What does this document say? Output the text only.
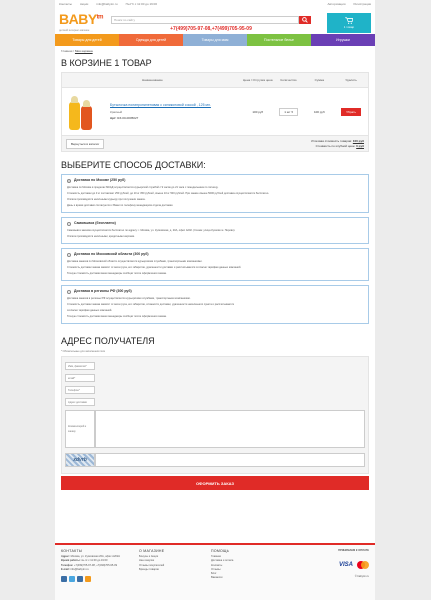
Контакты	Акции	info@babytm.ru	Пн-Пт с 11:00 до 19:00	Авторизация	Регистрация
$BABY^{tm}$
детский интернет-магазин
Поиск по сайту
+7(499)705-97-08,+7(499)705-95-09	1 товар
Товары для детей	Одежда для детей	Товары для мам	Постельное белье	Игрушки
Главная / Моя корзина
В КОРЗИНЕ 1 ТОВАР
Наименование	Цена / Отгрузка цена	Количество	Сумма	Удалить
Бутылочка полипропиленовая с силиконовой соской , 125 мл.
Красный
Арт: RZ-00-0005027
100 руб	1 шт ▾	100 руб	Убрать
Вернуться в каталог
Итоговая стоимость товаров: 100 руб
Стоимость по клубной цене: 0 руб
ВЫБЕРИТЕ СПОСОБ ДОСТАВКИ:
Доставка по Москве (250 руб)

Доставка по Москве в пределах МКАД осуществляется курьерской службой с 9 часов до 21 часа с понедельника по пятницу.

Стоимость доставки до 3 кг составляет 250 рублей, до 10 кг 350 рублей, свыше 10 кг 500 рублей. При заказе свыше 5000 рублей доставка осуществляется бесплатно.

Оплата производится наличными курьеру при получении заказа.

День и время доставки согласуются с Вами по телефону менеджером отдела доставки.

Самовывоз (бесплатно)

Самовывоз заказов осуществляется бесплатно по адресу: г. Москва, ул. Кусковская, д. 20А, офис А202. (Схема: улица Кусково м. Перово).

Оплата производится наличными, кредитными картами.

Доставка по Московской области (300 руб)

Доставка заказов по Московской области осуществляется курьерскими службами, транспортными компаниями.

Стоимость доставки заказа зависит от веса груза, его габаритов, удаленности доставки и рассчитывается согласно тарифам данных компаний.

Точную стоимость доставки ваши менеджеры сообщат после оформления заказа.

Доставка в регионы РФ (300 руб)

Доставка заказов в регионы РФ осуществляется курьерскими службами, транспортными компаниями.

Стоимость доставки заказа зависит от веса груза, его габаритов, сложности доставки, удаленности населенного пункта и рассчитывается

согласно тарифам данных компаний.

Точную стоимость доставки ваши менеджеры сообщат после оформления заказа.

АДРЕС ПОЛУЧАТЕЛЯ
* Обязательные для заполнения поля
Имя, фамилия*
email*
Телефон*
Адрес доставки
Комментарий к заказу
xdvrb
ОФОРМИТЬ ЗАКАЗ
КОНТАКТЫ
Адрес: Москва, ул. Кусковская 20А, офис А202А
Время работы: пн-пт с 11:00 до 19:00
Телефон: +7(499)705-97-08, +7(499)705-95-09
E-mail: info@babytm.ru
О МАГАЗИНЕ
Бонусы и Акции
Наш закупки
Отзывы покупателей
Бренды товаров
ПОМОЩЬ
Главная
Доставка и оплата
Контакты
Отзывы
Блог
Вакансии
ПРИНИМАЕМ К ОПЛАТЕ
VISA
© babytm.ru
